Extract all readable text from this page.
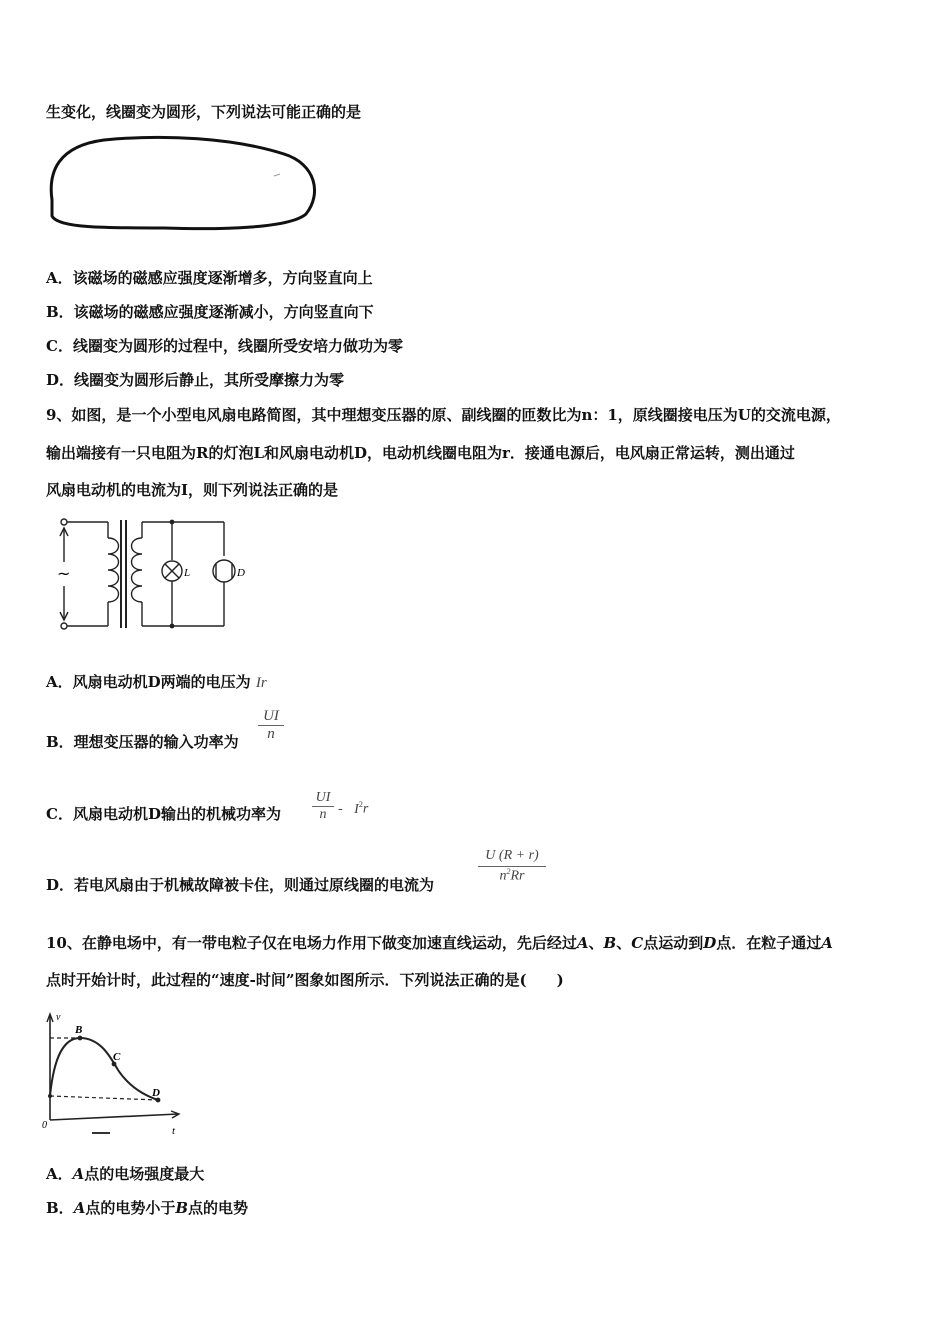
生变化，线圈变为圆形，下列说法可能正确的是
A．该磁场的磁感应强度逐渐增多，方向竖直向上
B．该磁场的磁感应强度逐渐减小，方向竖直向下
C．线圈变为圆形的过程中，线圈所受安培力做功为零
D．线圈变为圆形后静止，其所受摩擦力为零
9、如图，是一个小型电风扇电路简图，其中理想变压器的原、副线圈的匝数比为n：1，原线圈接电压为U的交流电源，
输出端接有一只电阻为R的灯泡L和风扇电动机D，电动机线圈电阻为r．接通电源后，电风扇正常运转，测出通过
风扇电动机的电流为I，则下列说法正确的是
~	L	D
A．风扇电动机D两端的电压为 Ir
B．理想变压器的输入功率为 $\frac{UI}{n}$
C．风扇电动机D输出的机械功率为 $\frac{UI}{n} - I^2r$
D．若电风扇由于机械故障被卡住，则通过原线圈的电流为
$\frac{U (R + r)}{n^2Rr}$
10、在静电场中，有一带电粒子仅在电场力作用下做变加速直线运动，先后经过A、B、C点运动到D点．在粒子通过A
点时开始计时，此过程的“速度-时间”图象如图所示．下列说法正确的是(　　)
v
t
0
B
C
D
A．A点的电场强度最大
B．A点的电势小于B点的电势
